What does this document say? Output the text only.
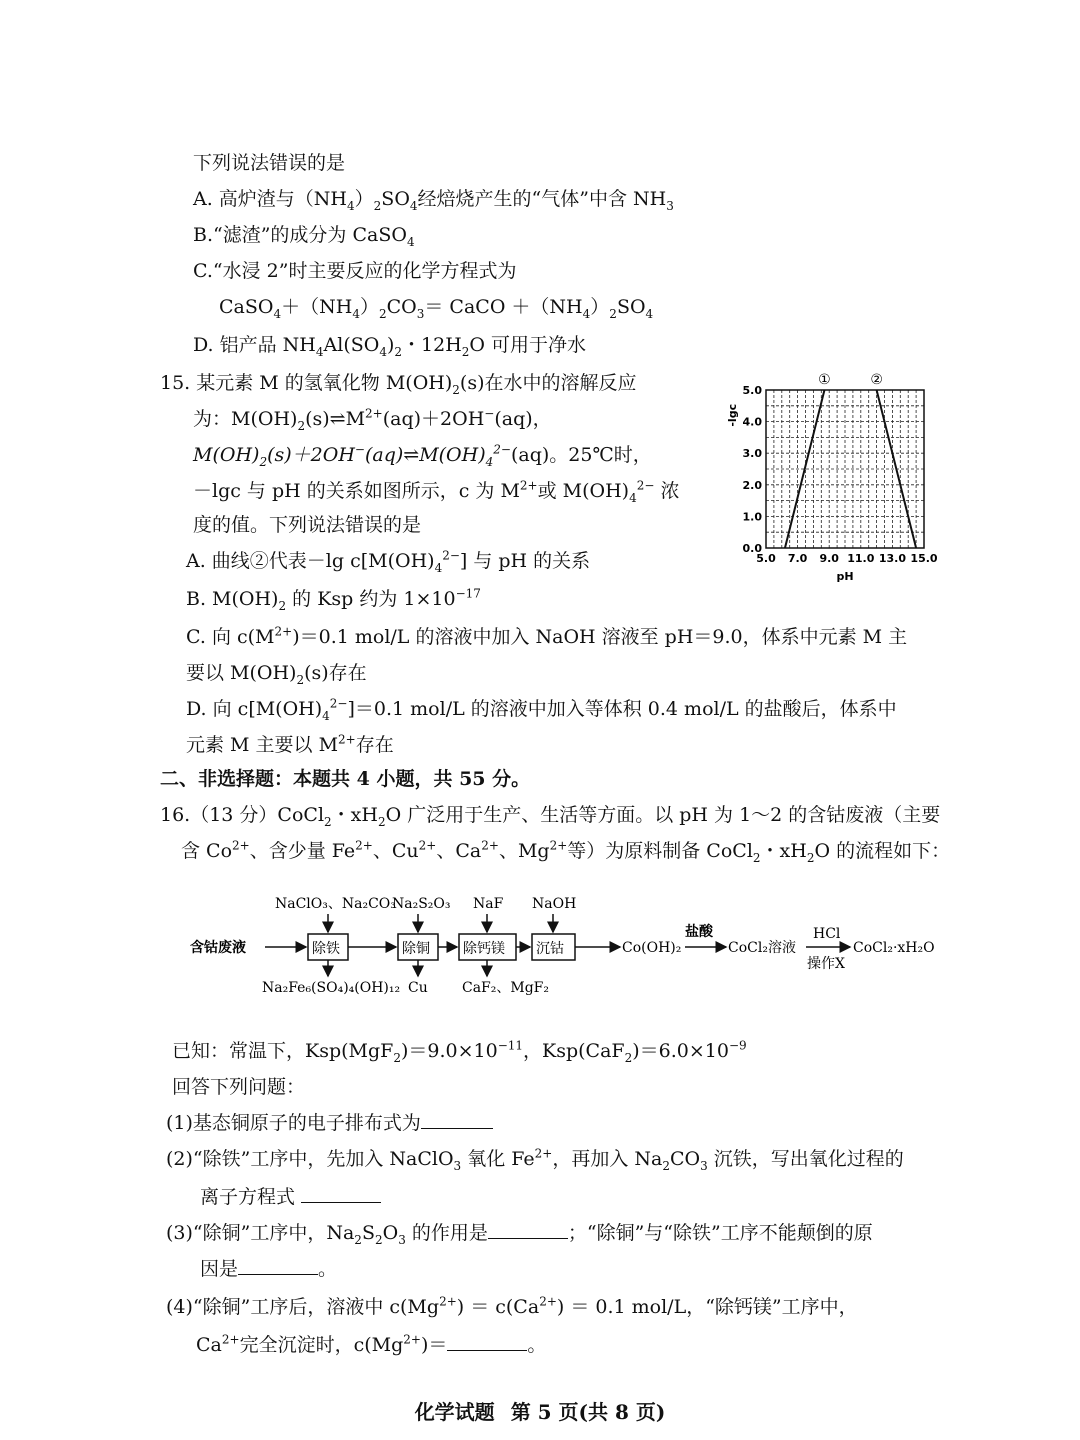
下列说法错误的是
A. 高炉渣与$(NH_4)_2SO_4$经焙烧产生的“气体”中含 $NH_3$
B.“滤渣”的成分为 CaSO$_4$
C.“水浸 2”时主要反应的化学方程式为
$CaSO_4+(NH_4)_2CO_3=$ CaCO $+(NH_4)_2SO_4$
D. 铝产品 $NH_4Al(SO_4)_2$・$12H_2O$ 可用于净水
15. 某元素 M 的氢氧化物 $M(OH)_2(s)$在水中的溶解反应
为：$M(OH)_2(s)\rightleftharpoons M^{2+}(aq)+2OH^-(aq)$，
$M(OH)_2(s)+2OH^-(aq)\rightleftharpoons M(OH)_4^{2-}(aq)$。25℃时，
－lgc 与 pH 的关系如图所示，c 为 $M^{2+}$或 $M(OH)_4^{2-}$ 浓
度的值。下列说法错误的是
A. 曲线②代表－lg $c[M(OH)_4^{2-}]$ 与 pH 的关系
B. $M(OH)_2$ 的 Ksp 约为 $1\times 10^{-17}$
C. 向 $c(M^{2+})=0.1$ mol/L 的溶液中加入 NaOH 溶液至 pH＝9.0，体系中元素 M 主
要以 $M(OH)_2(s)$存在
D. 向 $c[M(OH)_4^{2-}]=0.1$ mol/L 的溶液中加入等体积 0.4 mol/L 的盐酸后，体系中
元素 M 主要以 $M^{2+}$存在
0.0
1.0
2.0
3.0
4.0
5.0
5.0 7.0 9.0 11.0 13.0 15.0
pH
-lgc
①	②
二、非选择题：本题共 4 小题，共 55 分。
16.（13 分）CoCl$_2$・$xH_2O$ 广泛用于生产、生活等方面。以 pH 为 1～2 的含钴废液（主要
含 $Co^{2+}$、含少量 $Fe^{2+}$、$Cu^{2+}$、$Ca^{2+}$、$Mg^{2+}$等）为原料制备 CoCl$_2$・$xH_2O$ 的流程如下：
含钴废液	除铁	除铜 除钙镁 沉钴
NaClO₃、Na₂CO₃
Na₂S₂O₃ NaF NaOH
Na₂Fe₆(SO₄)₄(OH)₁₂ Cu CaF₂、MgF₂
Co(OH)₂
盐酸
CoCl₂溶液
HCl
操作X
CoCl₂·xH₂O
已知：常温下，$Ksp(MgF_2)=9.0\times 10^{-11}$，$Ksp(CaF_2)=6.0\times 10^{-9}$
回答下列问题：
(1)基态铜原子的电子排布式为
(2)“除铁”工序中，先加入 NaClO$_3$ 氧化 $Fe^{2+}$，再加入 $Na_2CO_3$ 沉铁，写出氧化过程的
离子方程式
(3)“除铜”工序中，$Na_2S_2O_3$ 的作用是	；“除铜”与“除铁”工序不能颠倒的原
因是	。
(4)“除铜”工序后，溶液中 $c(Mg^{2+}) = c(Ca^{2+}) = 0.1$ mol/L，“除钙镁”工序中，
$Ca^{2+}$完全沉淀时，$c(Mg^{2+})=$	。
化学试题 第 5 页(共 8 页)
